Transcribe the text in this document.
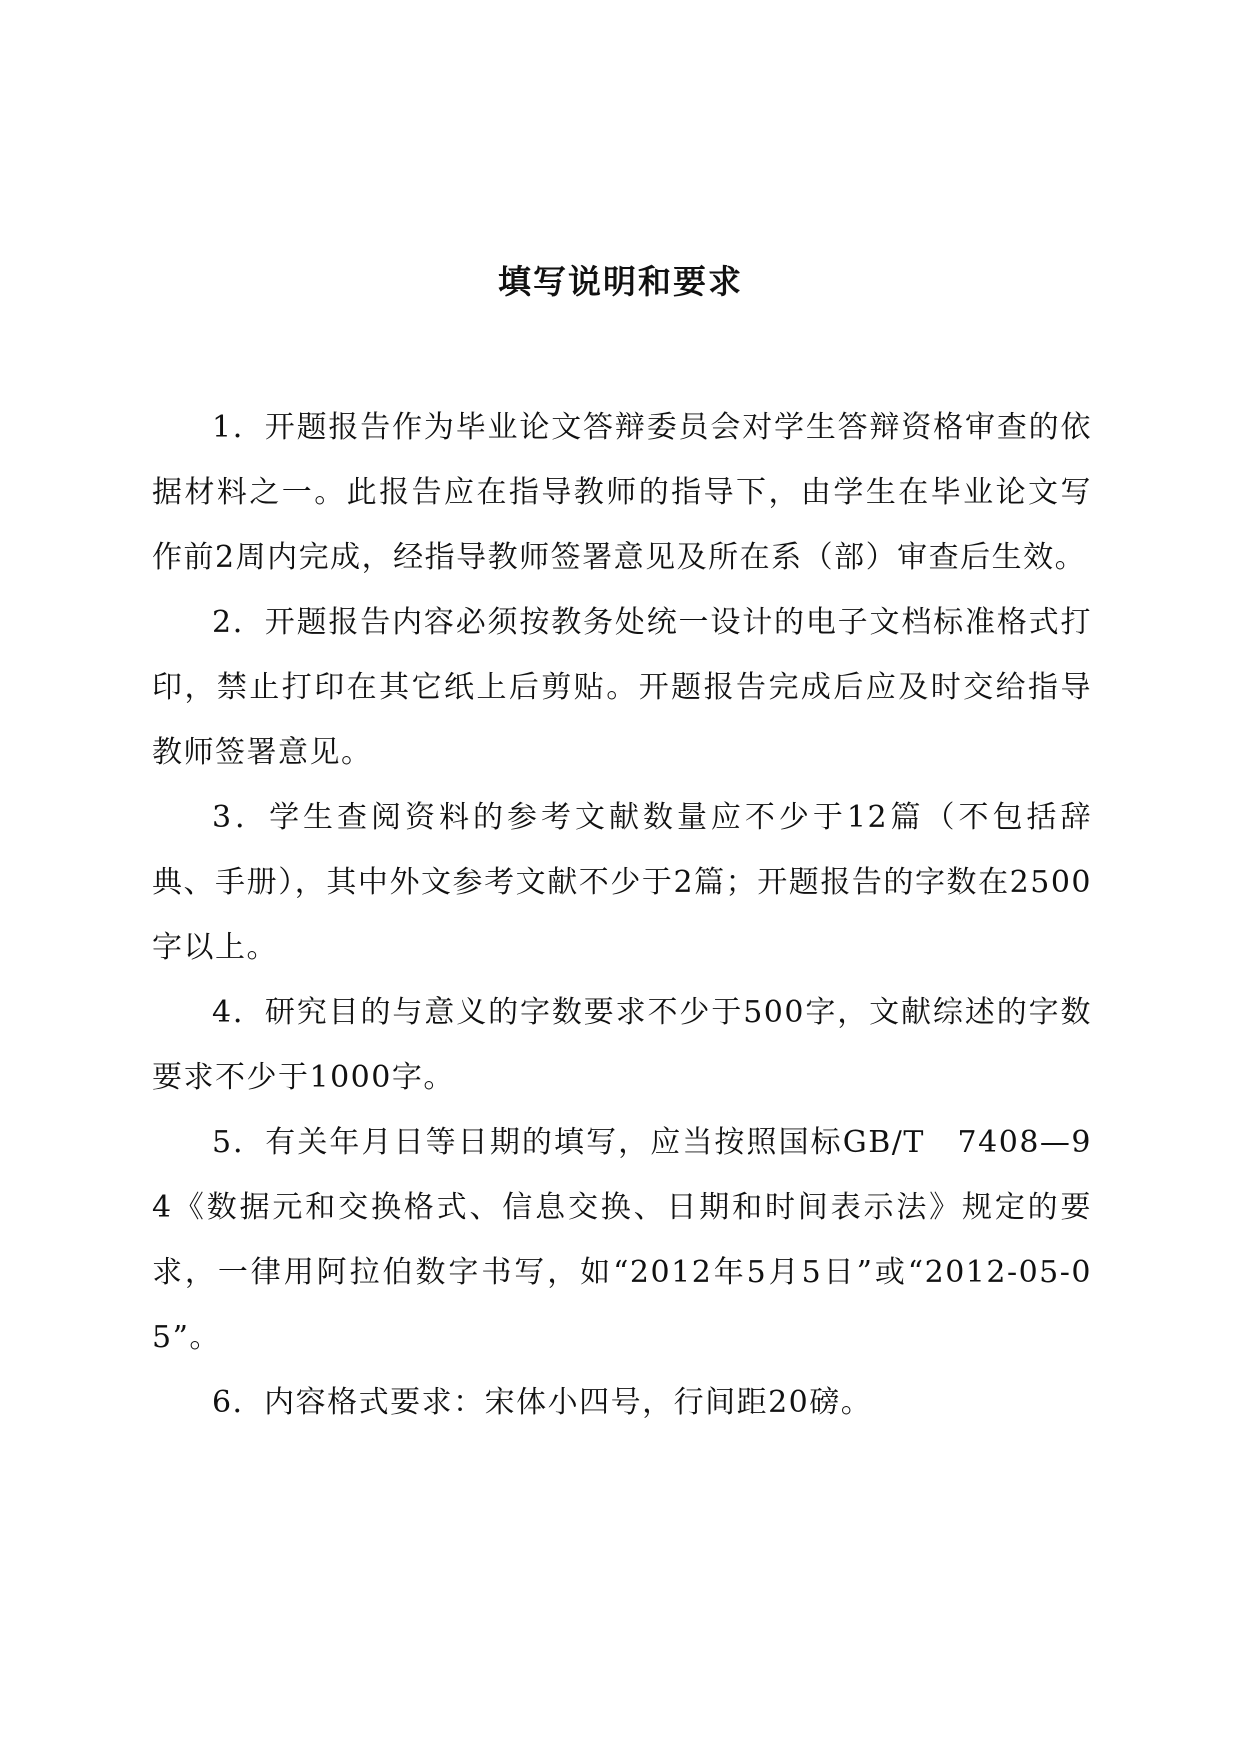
填写说明和要求

1．开题报告作为毕业论文答辩委员会对学生答辩资格审查的依据材料之一。此报告应在指导教师的指导下，由学生在毕业论文写作前2周内完成，经指导教师签署意见及所在系（部）审查后生效。

2．开题报告内容必须按教务处统一设计的电子文档标准格式打印，禁止打印在其它纸上后剪贴。开题报告完成后应及时交给指导教师签署意见。

3．学生查阅资料的参考文献数量应不少于12篇（不包括辞典、手册），其中外文参考文献不少于2篇；开题报告的字数在2500字以上。

4．研究目的与意义的字数要求不少于500字，文献综述的字数要求不少于1000字。

5．有关年月日等日期的填写，应当按照国标GB/T　7408—94《数据元和交换格式、信息交换、日期和时间表示法》规定的要求，一律用阿拉伯数字书写，如“2012年5月5日”或“2012-05-05”。

6．内容格式要求：宋体小四号，行间距20磅。
